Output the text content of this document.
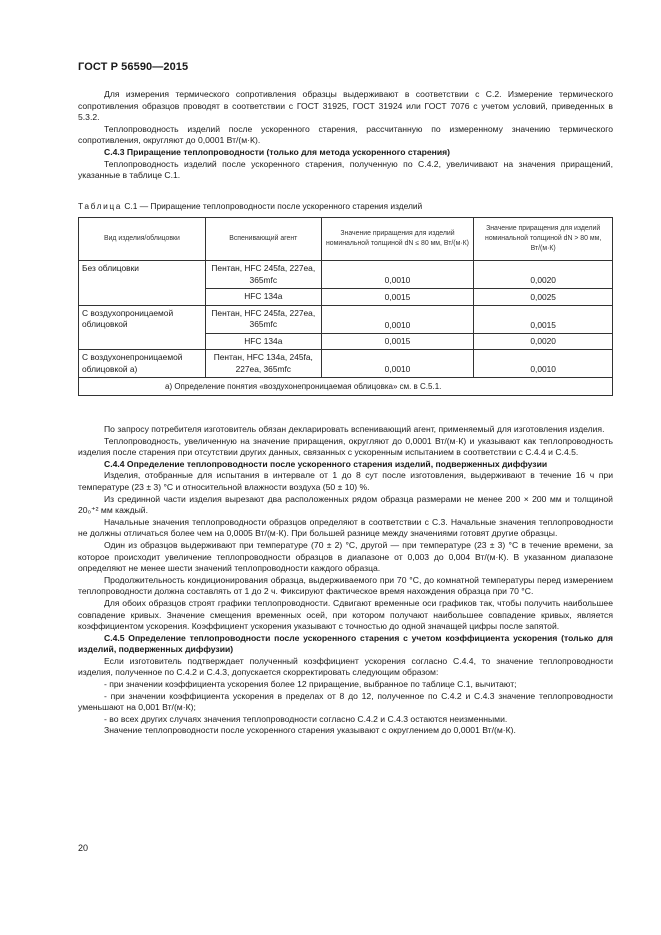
ГОСТ Р 56590—2015

Для измерения термического сопротивления образцы выдерживают в соответствии с С.2. Измерение термического сопротивления образцов проводят в соответствии с ГОСТ 31925, ГОСТ 31924 или ГОСТ 7076 с учетом условий, приведенных в 5.3.2.

Теплопроводность изделий после ускоренного старения, рассчитанную по измеренному значению термического сопротивления, округляют до 0,0001 Вт/(м·К).

С.4.3 Приращение теплопроводности (только для метода ускоренного старения)

Теплопроводность изделий после ускоренного старения, полученную по С.4.2, увеличивают на значения приращений, указанные в таблице С.1.

Таблица С.1 — Приращение теплопроводности после ускоренного старения изделий
Вид изделия/облицовки	Вспенивающий агент	Значение приращения для изделий номинальной толщиной dN ≤ 80 мм, Вт/(м·К)	Значение приращения для изделий номинальной толщиной dN > 80 мм, Вт/(м·К)
Без облицовки	Пентан, HFC 245fa, 227ea, 365mfc	0,0010	0,0020
	HFC 134a	0,0015	0,0025
С воздухопроницаемой облицовкой	Пентан, HFC 245fa, 227ea, 365mfc	0,0010	0,0015
	HFC 134a	0,0015	0,0020
С воздухонепроницаемой облицовкой а)	Пентан, HFC 134a, 245fa, 227ea, 365mfc	0,0010	0,0010
а) Определение понятия «воздухонепроницаемая облицовка» см. в С.5.1.			

По запросу потребителя изготовитель обязан декларировать вспенивающий агент, применяемый для изготовления изделия.

Теплопроводность, увеличенную на значение приращения, округляют до 0,0001 Вт/(м·К) и указывают как теплопроводность изделия после старения при отсутствии других данных, связанных с ускоренным испытанием в соответствии с С.4.4 и С.4.5.

С.4.4 Определение теплопроводности после ускоренного старения изделий, подверженных диффузии

Изделия, отобранные для испытания в интервале от 1 до 8 сут после изготовления, выдерживают в течение 16 ч при температуре (23 ± 3) °С и относительной влажности воздуха (50 ± 10) %.

Из срединной части изделия вырезают два расположенных рядом образца размерами не менее 200 × 200 мм и толщиной 20₀⁺² мм каждый.

Начальные значения теплопроводности образцов определяют в соответствии с С.3. Начальные значения теплопроводности не должны отличаться более чем на 0,0005 Вт/(м·К). При большей разнице между значениями готовят другие образцы.

Один из образцов выдерживают при температуре (70 ± 2) °С, другой — при температуре (23 ± 3) °С в течение времени, за которое происходит увеличение теплопроводности образцов в диапазоне от 0,003 до 0,004 Вт/(м·К). В указанном диапазоне определяют не менее шести значений теплопроводности каждого образца.

Продолжительность кондиционирования образца, выдерживаемого при 70 °С, до комнатной температуры перед измерением теплопроводности должна составлять от 1 до 2 ч. Фиксируют фактическое время нахождения образца при 70 °С.

Для обоих образцов строят графики теплопроводности. Сдвигают временные оси графиков так, чтобы получить наибольшее совпадение кривых. Значение смещения временных осей, при котором получают наибольшее совпадение кривых, является коэффициентом ускорения. Коэффициент ускорения указывают с точностью до одной значащей цифры после запятой.

С.4.5 Определение теплопроводности после ускоренного старения с учетом коэффициента ускорения (только для изделий, подверженных диффузии)

Если изготовитель подтверждает полученный коэффициент ускорения согласно С.4.4, то значение теплопроводности изделия, полученное по С.4.2 и С.4.3, допускается скорректировать следующим образом:

- при значении коэффициента ускорения более 12 приращение, выбранное по таблице С.1, вычитают;

- при значении коэффициента ускорения в пределах от 8 до 12, полученное по С.4.2 и С.4.3 значение теплопроводности уменьшают на 0,001 Вт/(м·К);

- во всех других случаях значения теплопроводности согласно С.4.2 и С.4.3 остаются неизменными.

Значение теплопроводности после ускоренного старения указывают с округлением до 0,0001 Вт/(м·К).

20
